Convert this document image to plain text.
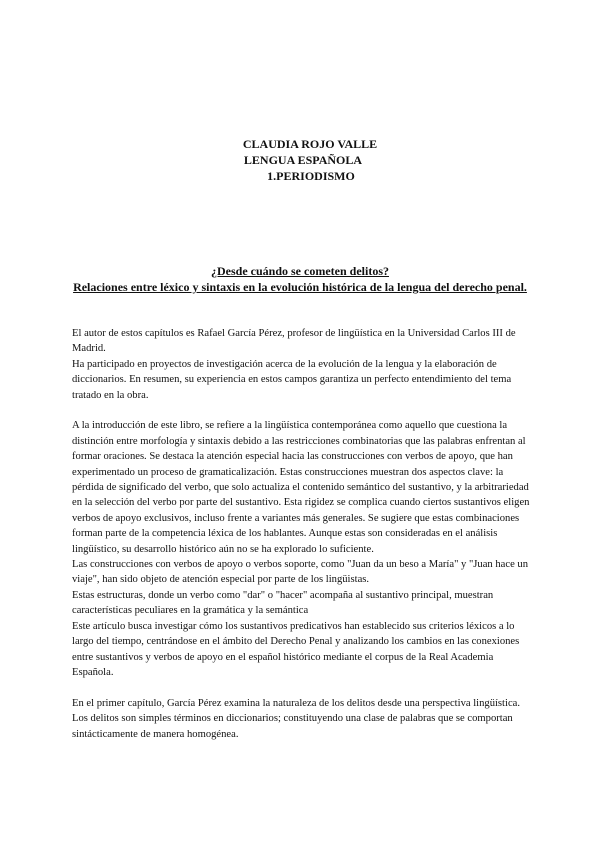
CLAUDIA ROJO VALLE
LENGUA ESPAÑOLA
1.PERIODISMO
¿Desde cuándo se cometen delitos?
Relaciones entre léxico y sintaxis en la evolución histórica de la lengua del derecho penal.

El autor de estos capítulos es Rafael García Pérez, profesor de lingüística en la Universidad Carlos III de Madrid.

Ha participado en proyectos de investigación acerca de la evolución de la lengua y la elaboración de diccionarios. En resumen, su experiencia en estos campos garantiza un perfecto entendimiento del tema tratado en la obra.

A la introducción de este libro, se refiere a la lingüística contemporánea como aquello que cuestiona la distinción entre morfología y sintaxis debido a las restricciones combinatorias que las palabras enfrentan al formar oraciones. Se destaca la atención especial hacia las construcciones con verbos de apoyo, que han experimentado un proceso de gramaticalización. Estas construcciones muestran dos aspectos clave: la pérdida de significado del verbo, que solo actualiza el contenido semántico del sustantivo, y la arbitrariedad en la selección del verbo por parte del sustantivo. Esta rigidez se complica cuando ciertos sustantivos eligen verbos de apoyo exclusivos, incluso frente a variantes más generales. Se sugiere que estas combinaciones forman parte de la competencia léxica de los hablantes. Aunque estas son consideradas en el análisis lingüístico, su desarrollo histórico aún no se ha explorado lo suficiente.

Las construcciones con verbos de apoyo o verbos soporte, como "Juan da un beso a María" y "Juan hace un viaje", han sido objeto de atención especial por parte de los lingüistas.

Estas estructuras, donde un verbo como "dar" o "hacer" acompaña al sustantivo principal, muestran características peculiares en la gramática y la semántica

Este artículo busca investigar cómo los sustantivos predicativos han establecido sus criterios léxicos a lo largo del tiempo, centrándose en el ámbito del Derecho Penal y analizando los cambios en las conexiones entre sustantivos y verbos de apoyo en el español histórico mediante el corpus de la Real Academia Española.

En el primer capítulo, García Pérez examina la naturaleza de los delitos desde una perspectiva lingüística. Los delitos son simples términos en diccionarios; constituyendo una clase de palabras que se comportan sintácticamente de manera homogénea.
